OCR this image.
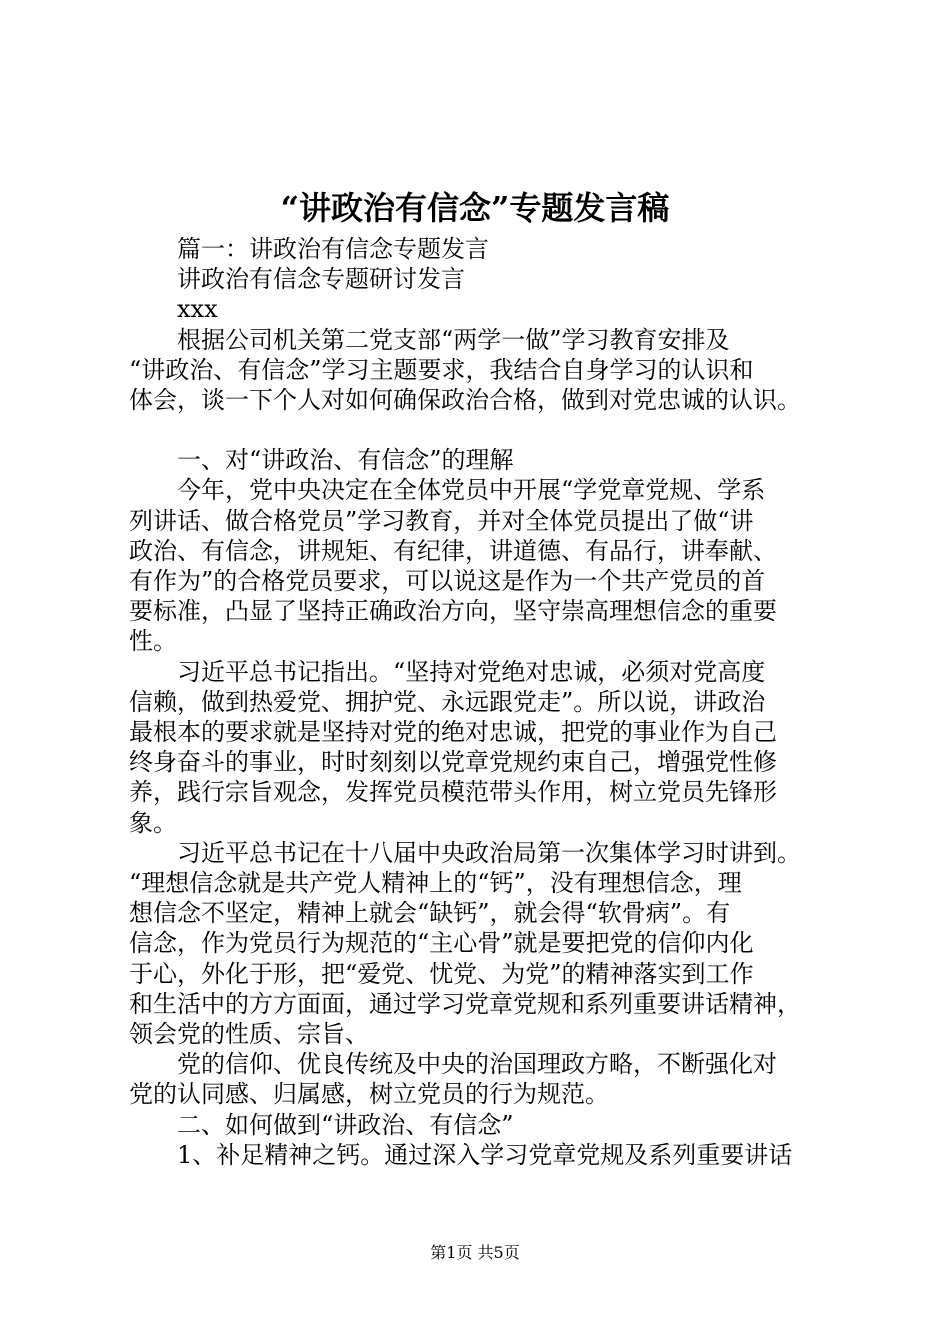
“讲政治有信念”专题发言稿

　　篇一：讲政治有信念专题发言

　　讲政治有信念专题研讨发言

　　xxx

　　根据公司机关第二党支部“两学一做”学习教育安排及

“讲政治、有信念”学习主题要求，我结合自身学习的认识和

体会，谈一下个人对如何确保政治合格，做到对党忠诚的认识。

　　一、对“讲政治、有信念”的理解

　　今年，党中央决定在全体党员中开展“学党章党规、学系

列讲话、做合格党员”学习教育，并对全体党员提出了做“讲

政治、有信念，讲规矩、有纪律，讲道德、有品行，讲奉献、

有作为”的合格党员要求，可以说这是作为一个共产党员的首

要标准，凸显了坚持正确政治方向，坚守崇高理想信念的重要

性。

　　习近平总书记指出。“坚持对党绝对忠诚，必须对党高度

信赖，做到热爱党、拥护党、永远跟党走”。所以说，讲政治

最根本的要求就是坚持对党的绝对忠诚，把党的事业作为自己

终身奋斗的事业，时时刻刻以党章党规约束自己，增强党性修

养，践行宗旨观念，发挥党员模范带头作用，树立党员先锋形

象。

　　习近平总书记在十八届中央政治局第一次集体学习时讲到。

“理想信念就是共产党人精神上的“钙”，没有理想信念，理

想信念不坚定，精神上就会“缺钙”，就会得“软骨病”。有

信念，作为党员行为规范的“主心骨”就是要把党的信仰内化

于心，外化于形，把“爱党、忧党、为党”的精神落实到工作

和生活中的方方面面，通过学习党章党规和系列重要讲话精神，

领会党的性质、宗旨、

　　党的信仰、优良传统及中央的治国理政方略，不断强化对

党的认同感、归属感，树立党员的行为规范。

　　二、如何做到“讲政治、有信念”

　　1、补足精神之钙。通过深入学习党章党规及系列重要讲话

第1页 共5页
